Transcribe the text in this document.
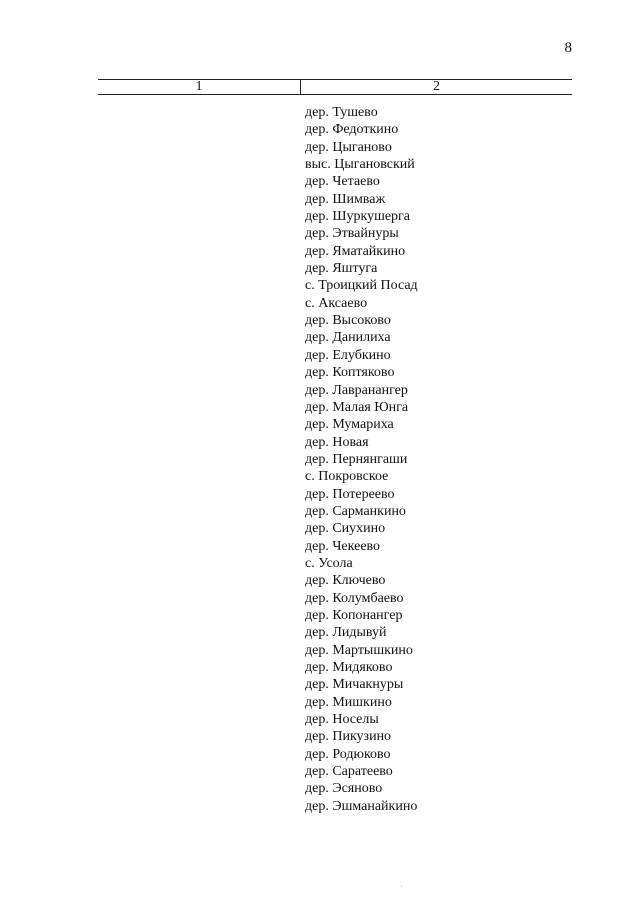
8
1	2
дер. Тушево
дер. Федоткино
дер. Цыганово
выс. Цыгановский
дер. Четаево
дер. Шимваж
дер. Шуркушерга
дер. Этвайнуры
дер. Яматайкино
дер. Яштуга
с. Троицкий Посад
с. Аксаево
дер. Высоково
дер. Данилиха
дер. Елубкино
дер. Коптяково
дер. Лавранангер
дер. Малая Юнга
дер. Мумариха
дер. Новая
дер. Пернянгаши
с. Покровское
дер. Потереево
дер. Сарманкино
дер. Сиухино
дер. Чекеево
с. Усола
дер. Ключево
дер. Колумбаево
дер. Копонангер
дер. Лидывуй
дер. Мартышкино
дер. Мидяково
дер. Мичакнуры
дер. Мишкино
дер. Носелы
дер. Пикузино
дер. Родюково
дер. Саратеево
дер. Эсяново
дер. Эшманайкино
